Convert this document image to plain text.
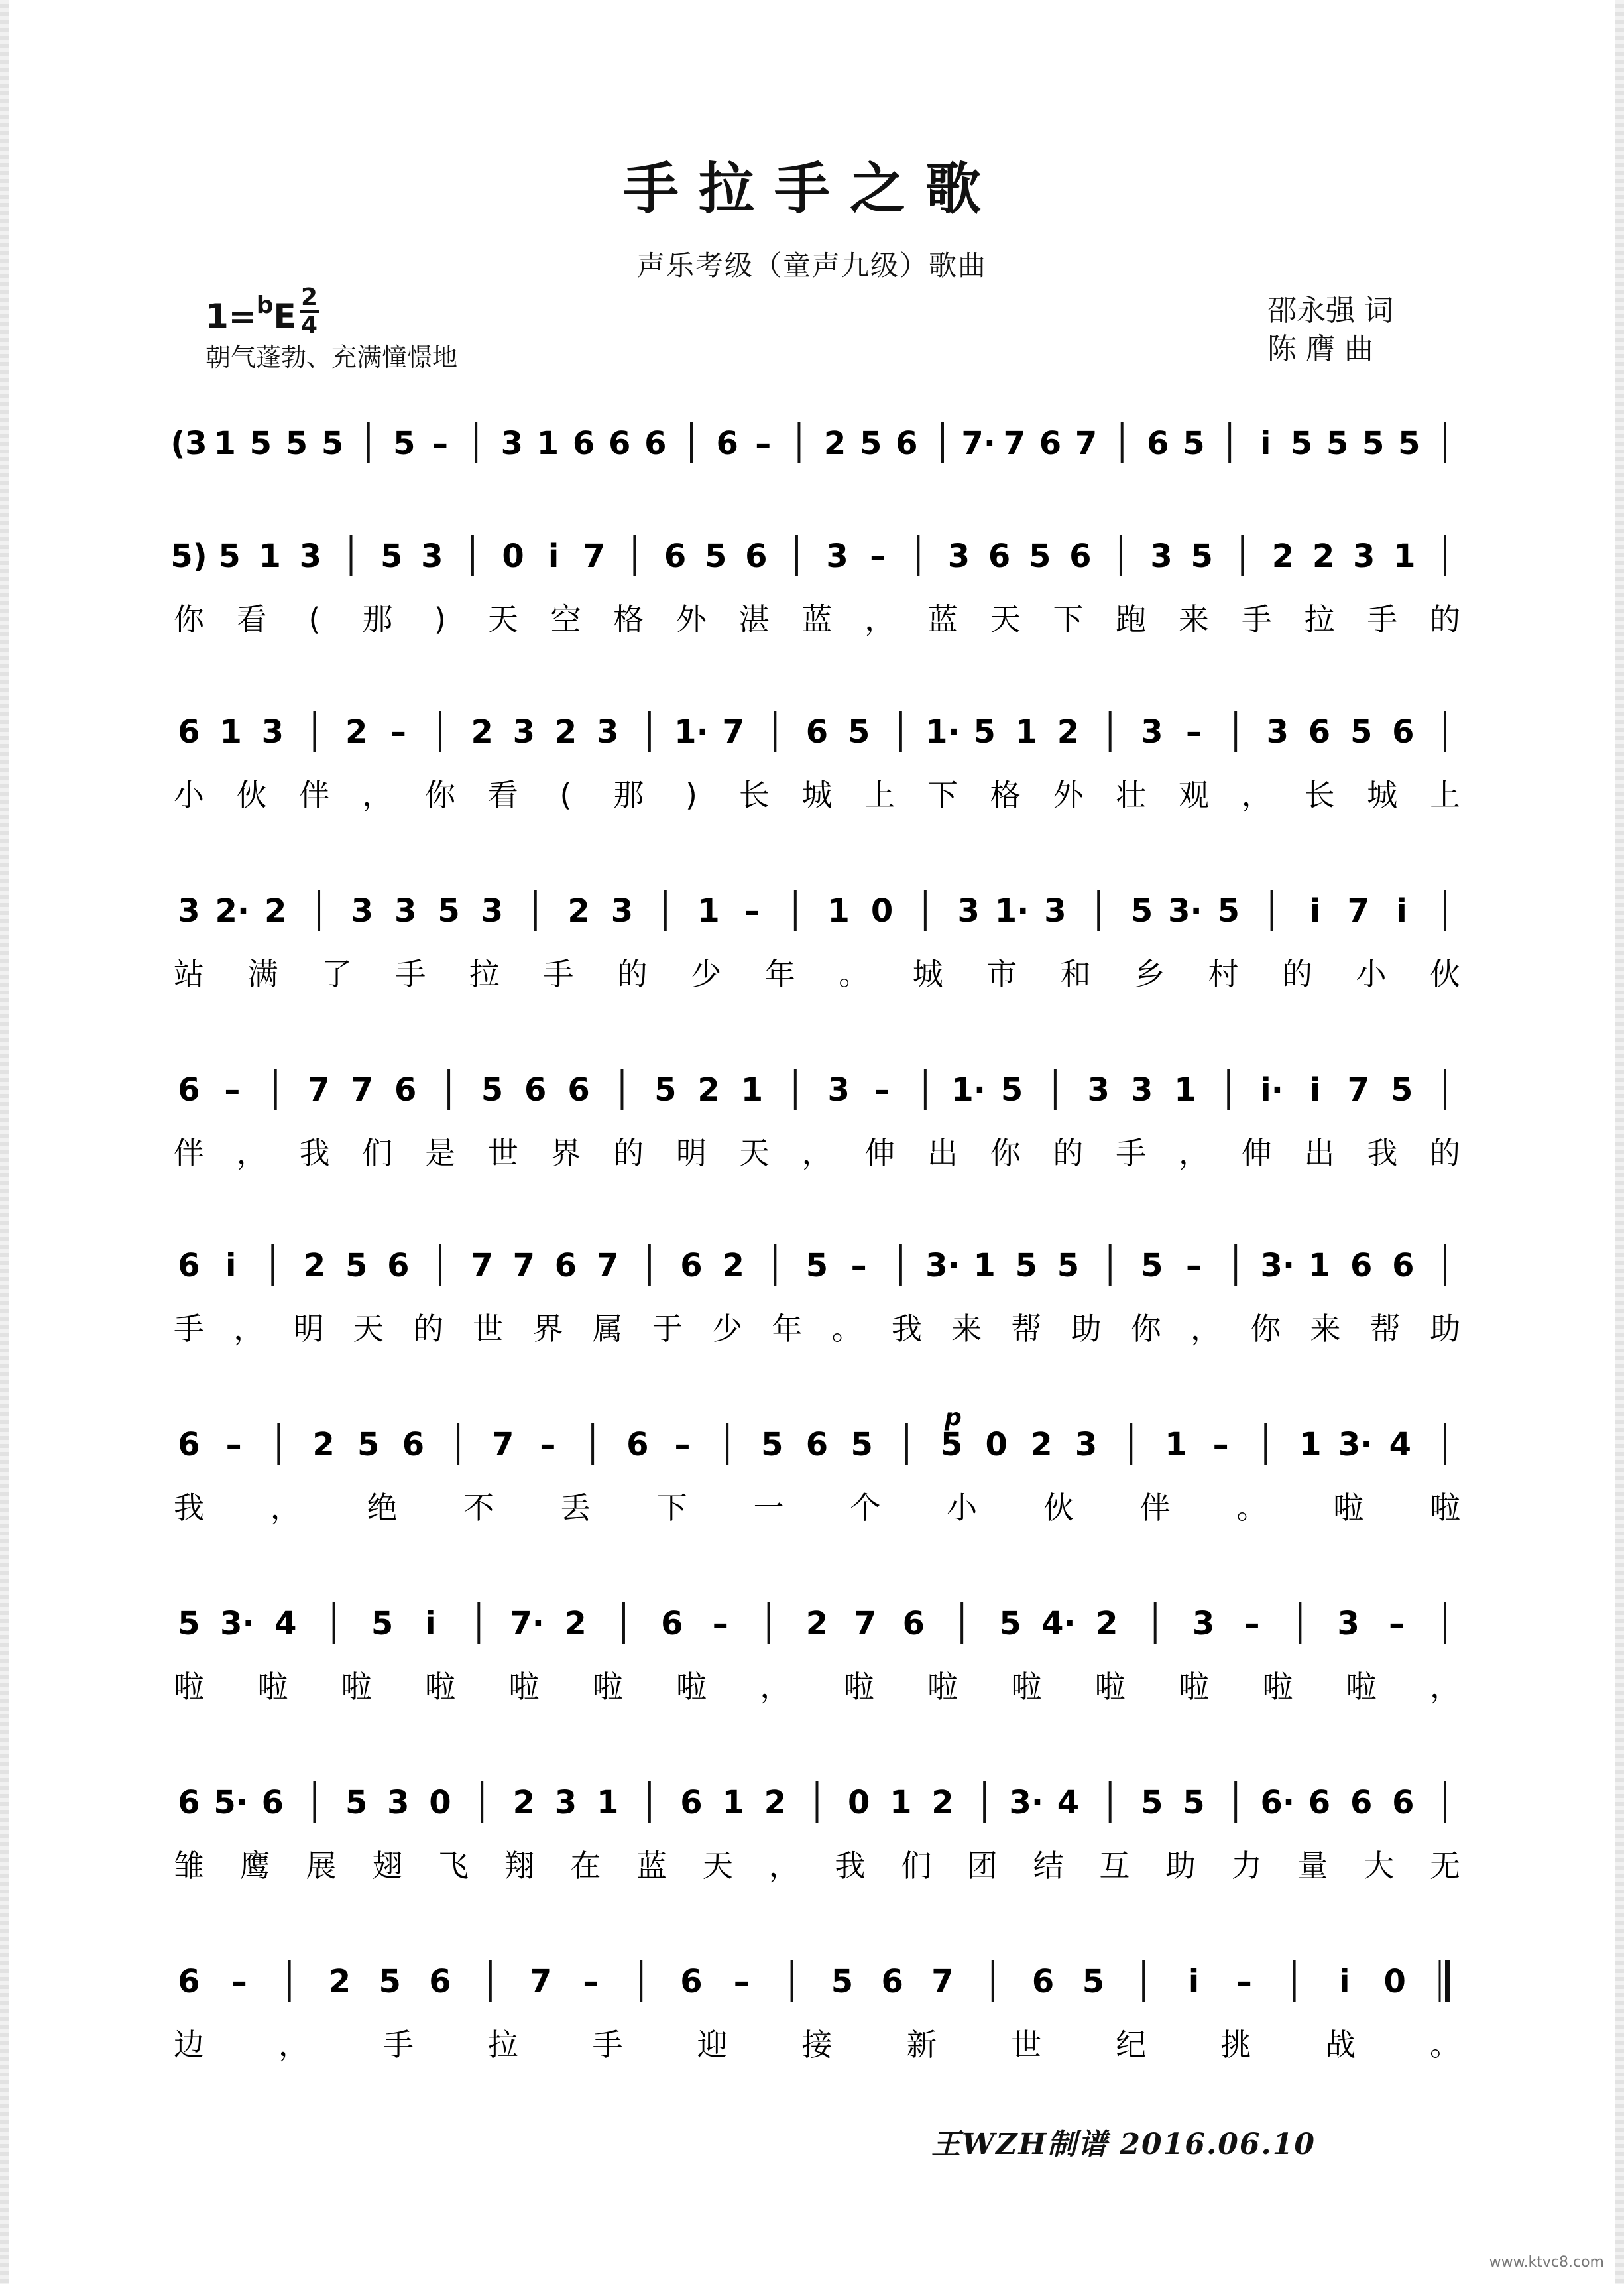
手拉手之歌
声乐考级（童声九级）歌曲
1=$^b$E 2
4
朝气蓬勃、充满憧憬地
邵永强 词
陈 膺 曲
(3 1 5 5 5 5 – 3 1 6 6 6 6 – 2 5 6 7· 7 6 7 6 5 i 5 5 5 5
5) 5 1 3 5 3 0 i 7 6 5 6 3 – 3 6 5 6 3 5 2 2 3 1
你 看 ( 那 ) 天 空 格 外 湛 蓝 ， 蓝 天 下 跑 来 手 拉 手 的
6 1 3 2 – 2 3 2 3 1· 7 6 5 1· 5 1 2 3 – 3 6 5 6
小 伙 伴 ， 你 看 ( 那 ) 长 城 上 下 格 外 壮 观 ， 长 城 上
3 2· 2 3 3 5 3 2 3 1 – 1 0 3 1· 3 5 3· 5 i 7 i
站 满 了 手 拉 手 的 少 年 。 城 市 和 乡 村 的 小 伙
6 – 7 7 6 5 6 6 5 2 1 3 – 1· 5 3 3 1 i· i 7 5
伴 ， 我 们 是 世 界 的 明 天 ， 伸 出 你 的 手 ， 伸 出 我 的
6 i 2 5 6 7 7 6 7 6 2 5 – 3· 1 5 5 5 – 3· 1 6 6
手 ， 明 天 的 世 界 属 于 少 年 。 我 来 帮 助 你 ， 你 来 帮 助
6 – 2 5 6 7 – 6 – 5 6 5 5 0 2 3 1 – 1 3· 4
我 ， 绝 不 丢 下 一 个 小 伙 伴 。 啦 啦
5 3· 4 5 i 7· 2 6 – 2 7 6 5 4· 2 3 – 3 –
啦 啦 啦 啦 啦 啦 啦 ， 啦 啦 啦 啦 啦 啦 啦 ，
6 5· 6 5 3 0 2 3 1 6 1 2 0 1 2 3· 4 5 5 6· 6 6 6
雏 鹰 展 翅 飞 翔 在 蓝 天 ， 我 们 团 结 互 助 力 量 大 无
6 –	2 5 6 7 –	6 –	5 6 7 6 5	i –	i 0
边 ， 手 拉 手 迎 接 新 世 纪 挑 战 。
p
王WZH制谱 2016.06.10
www.ktvc8.com
